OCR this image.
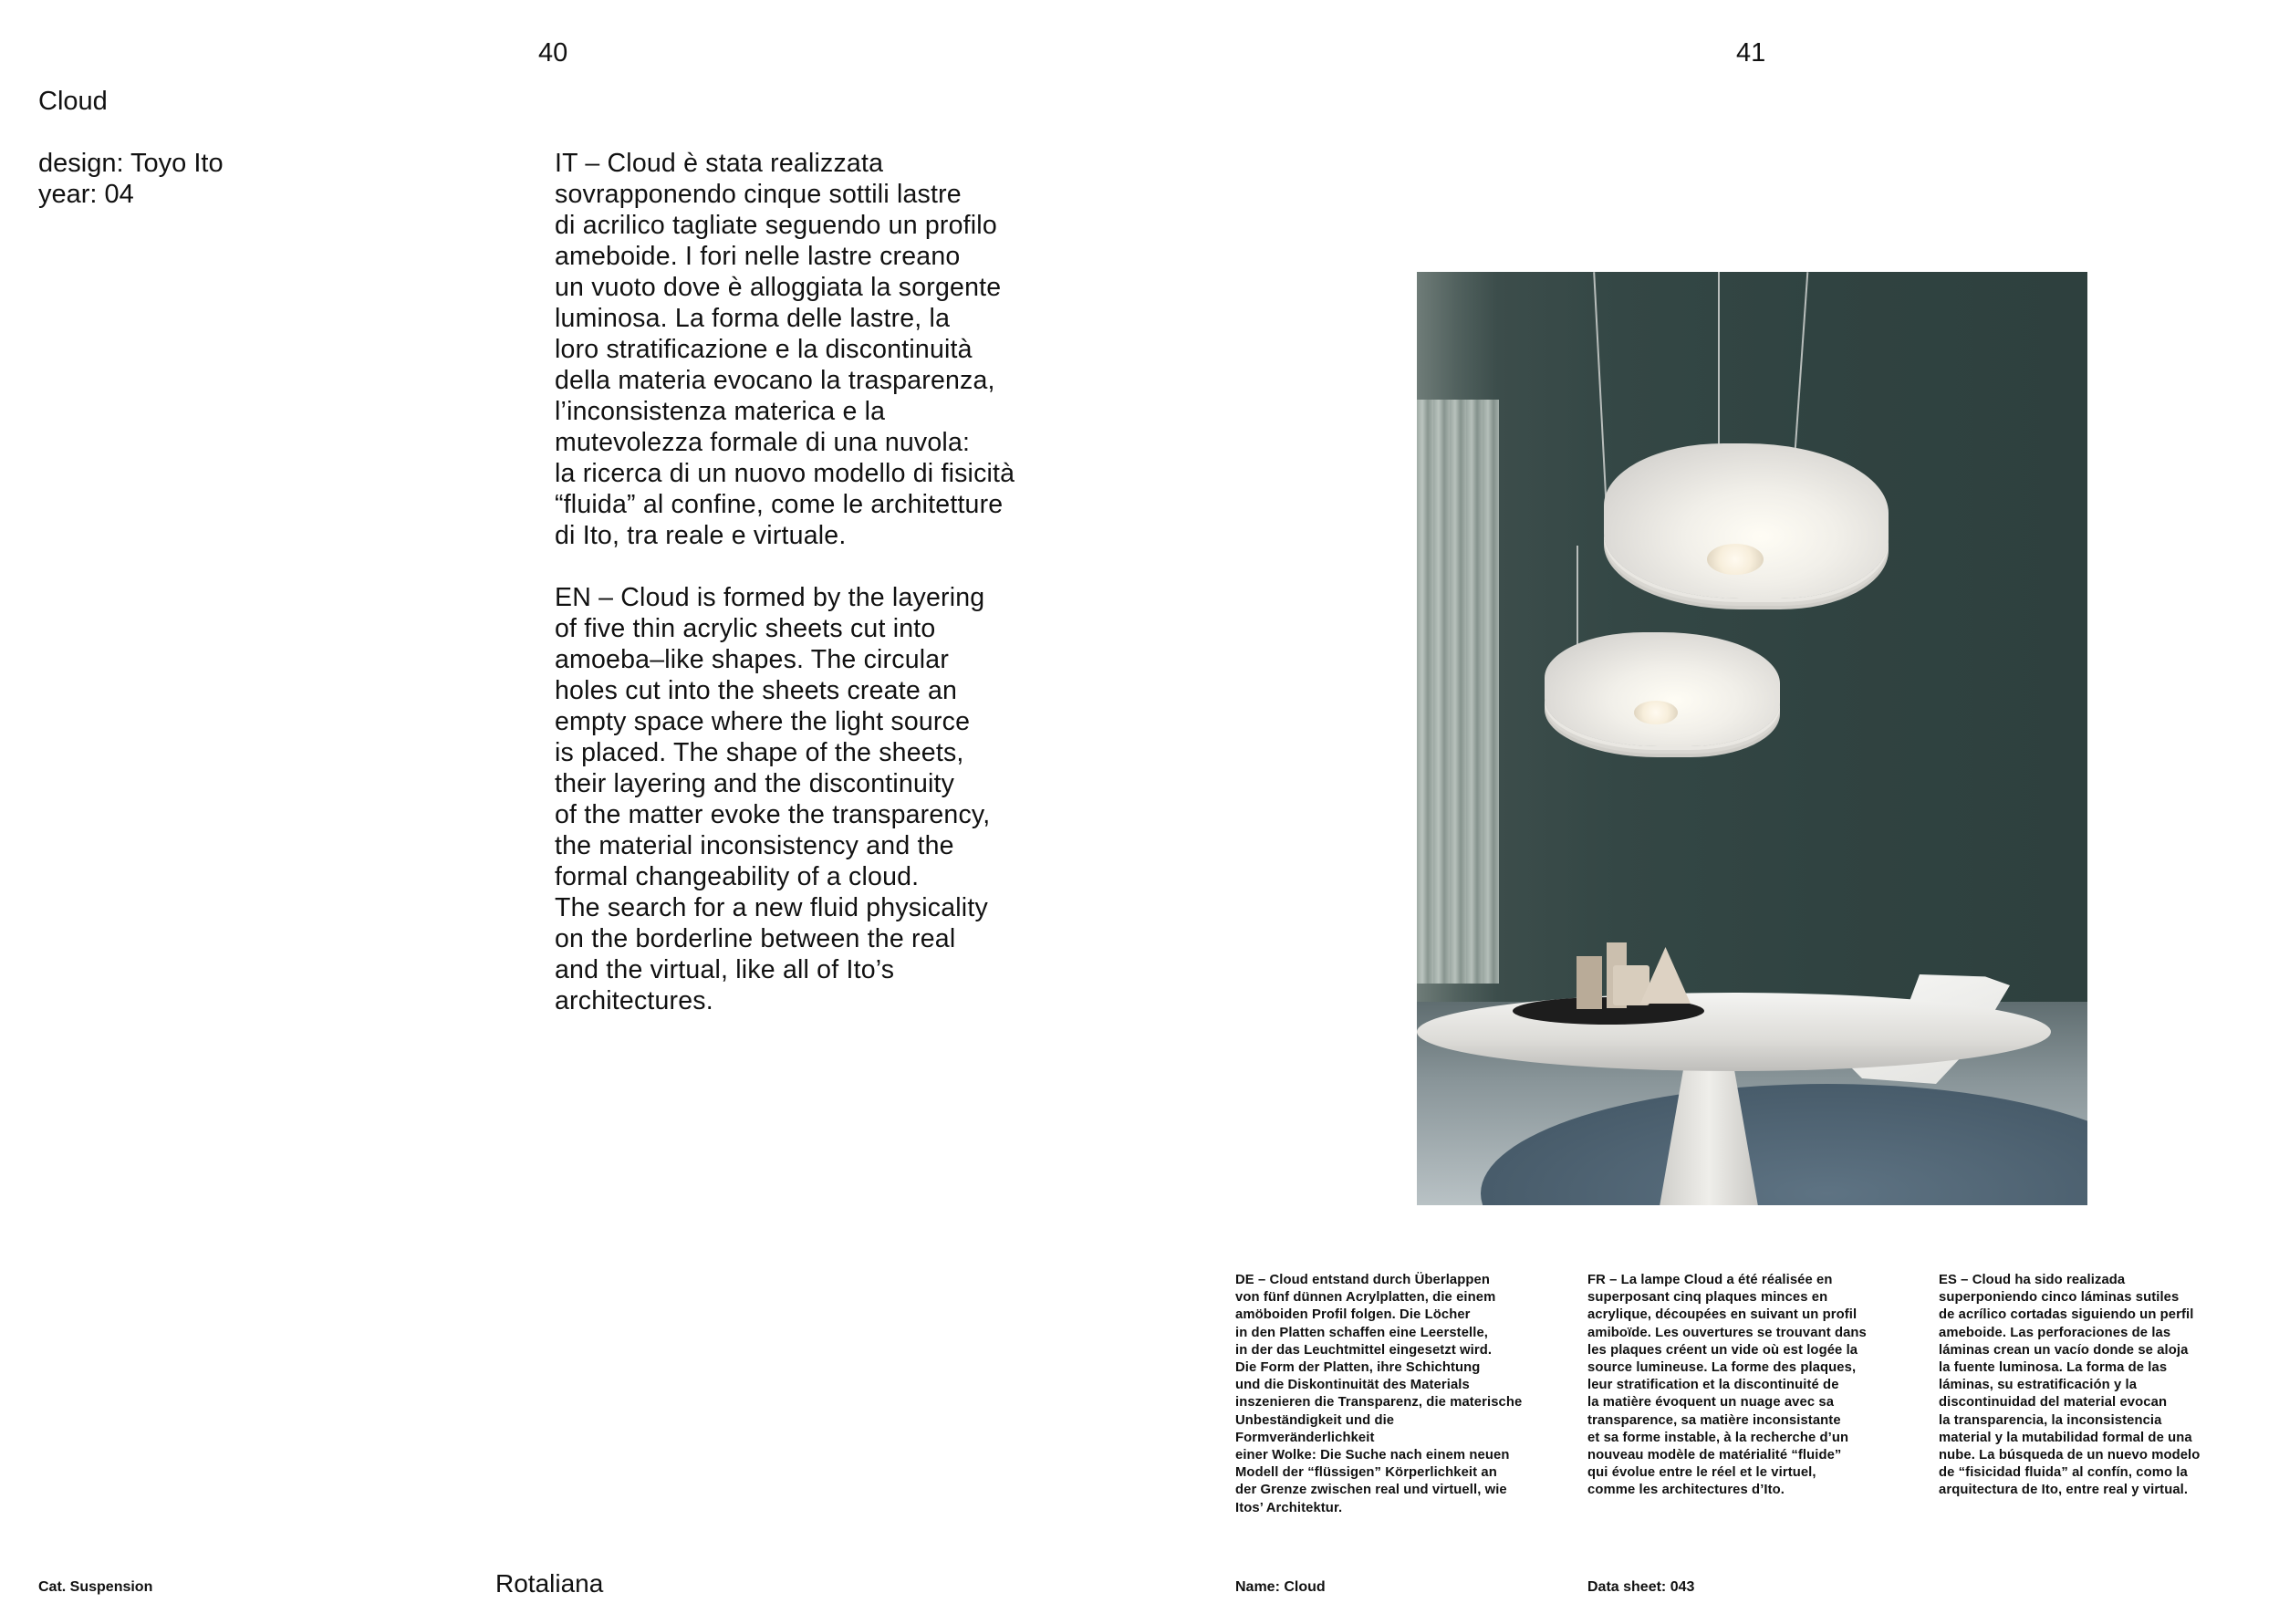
40
Cloud
design: Toyo Ito
year: 04
IT – Cloud è stata realizzata
sovrapponendo cinque sottili lastre
di acrilico tagliate seguendo un profilo
ameboide. I fori nelle lastre creano
un vuoto dove è alloggiata la sorgente
luminosa. La forma delle lastre, la
loro stratificazione e la discontinuità
della materia evocano la trasparenza,
l’inconsistenza materica e la
mutevolezza formale di una nuvola:
la ricerca di un nuovo modello di fisicità
“fluida” al confine, come le architetture
di Ito, tra reale e virtuale.
EN – Cloud is formed by the layering
of five thin acrylic sheets cut into
amoeba–like shapes. The circular
holes cut into the sheets create an
empty space where the light source
is placed. The shape of the sheets,
their layering and the discontinuity
of the matter evoke the transparency,
the material inconsistency and the
formal changeability of a cloud.
The search for a new fluid physicality
on the borderline between the real
and the virtual, like all of Ito’s
architectures.
Cat. Suspension	Rotaliana
41
DE – Cloud entstand durch Überlappen
von fünf dünnen Acrylplatten, die einem
amöboiden Profil folgen. Die Löcher
in den Platten schaffen eine Leerstelle,
in der das Leuchtmittel eingesetzt wird.
Die Form der Platten, ihre Schichtung
und die Diskontinuität des Materials
inszenieren die Transparenz, die materische
Unbeständigkeit und die
Formveränderlichkeit
einer Wolke: Die Suche nach einem neuen
Modell der “flüssigen” Körperlichkeit an
der Grenze zwischen real und virtuell, wie
Itos’ Architektur.
FR – La lampe Cloud a été réalisée en
superposant cinq plaques minces en
acrylique, découpées en suivant un profil
amiboïde. Les ouvertures se trouvant dans
les plaques créent un vide où est logée la
source lumineuse. La forme des plaques,
leur stratification et la discontinuité de
la matière évoquent un nuage avec sa
transparence, sa matière inconsistante
et sa forme instable, à la recherche d’un
nouveau modèle de matérialité “fluide”
qui évolue entre le réel et le virtuel,
comme les architectures d’Ito.
ES – Cloud ha sido realizada
superponiendo cinco láminas sutiles
de acrílico cortadas siguiendo un perfil
ameboide. Las perforaciones de las
láminas crean un vacío donde se aloja
la fuente luminosa. La forma de las
láminas, su estratificación y la
discontinuidad del material evocan
la transparencia, la inconsistencia
material y la mutabilidad formal de una
nube. La búsqueda de un nuevo modelo
de “fisicidad fluida” al confín, como la
arquitectura de Ito, entre real y virtual.
Name: Cloud	Data sheet: 043
